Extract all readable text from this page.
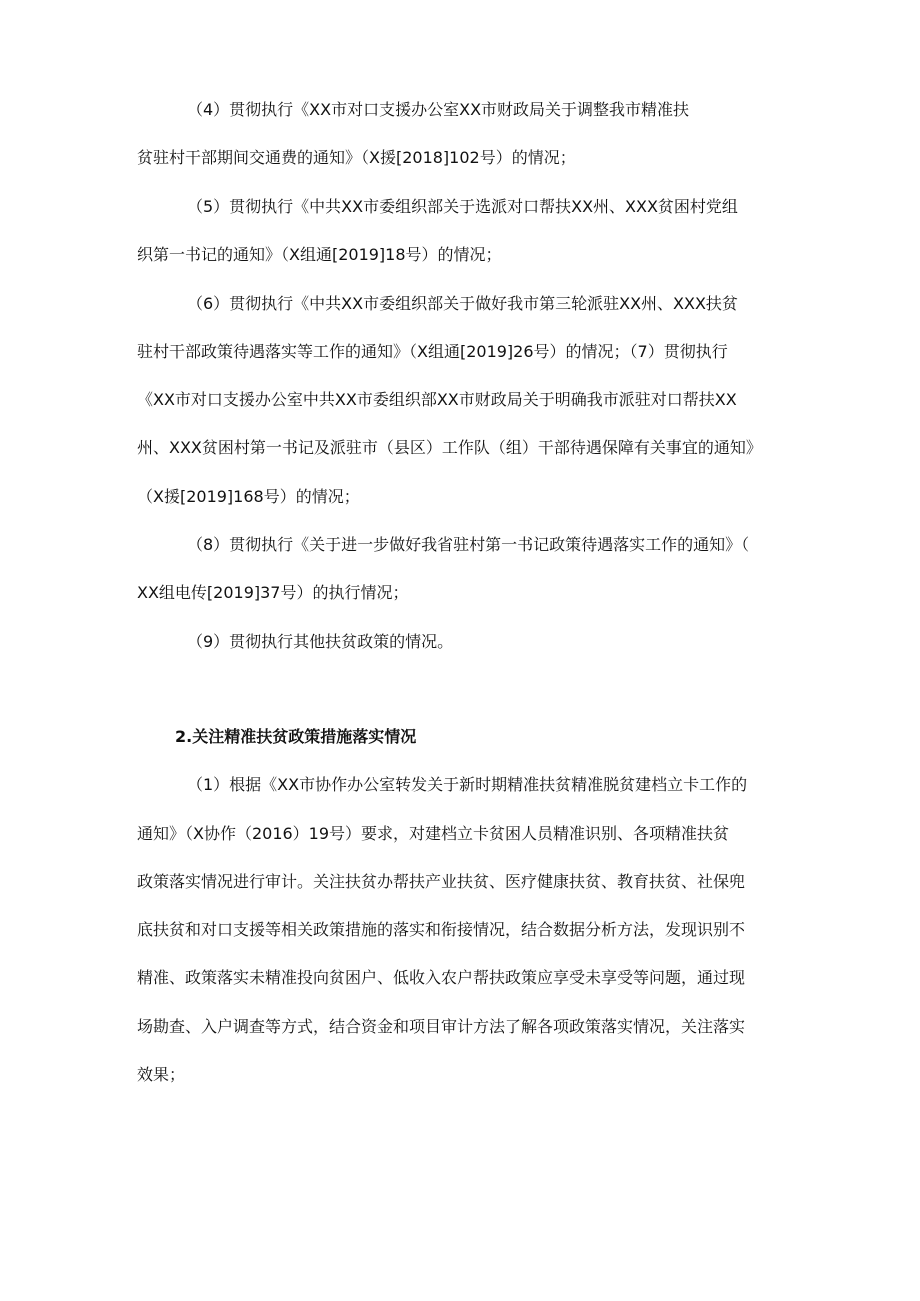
（4）贯彻执行《XX市对口支援办公室XX市财政局关于调整我市精准扶
贫驻村干部期间交通费的通知》（X援[2018]102号）的情况；
（5）贯彻执行《中共XX市委组织部关于选派对口帮扶XX州、XXX贫困村党组
织第一书记的通知》（X组通[2019]18号）的情况；
（6）贯彻执行《中共XX市委组织部关于做好我市第三轮派驻XX州、XXX扶贫
驻村干部政策待遇落实等工作的通知》（X组通[2019]26号）的情况；（7）贯彻执行
《XX市对口支援办公室中共XX市委组织部XX市财政局关于明确我市派驻对口帮扶XX
州、XXX贫困村第一书记及派驻市（县区）工作队（组）干部待遇保障有关事宜的通知》
（X援[2019]168号）的情况；
（8）贯彻执行《关于进一步做好我省驻村第一书记政策待遇落实工作的通知》（
XX组电传[2019]37号）的执行情况；
（9）贯彻执行其他扶贫政策的情况。
2.关注精准扶贫政策措施落实情况
（1）根据《XX市协作办公室转发关于新时期精准扶贫精准脱贫建档立卡工作的
通知》（X协作（2016）19号）要求，对建档立卡贫困人员精准识别、各项精准扶贫
政策落实情况进行审计。关注扶贫办帮扶产业扶贫、医疗健康扶贫、教育扶贫、社保兜
底扶贫和对口支援等相关政策措施的落实和衔接情况，结合数据分析方法，发现识别不
精准、政策落实未精准投向贫困户、低收入农户帮扶政策应享受未享受等问题，通过现
场勘查、入户调查等方式，结合资金和项目审计方法了解各项政策落实情况，关注落实
效果；
